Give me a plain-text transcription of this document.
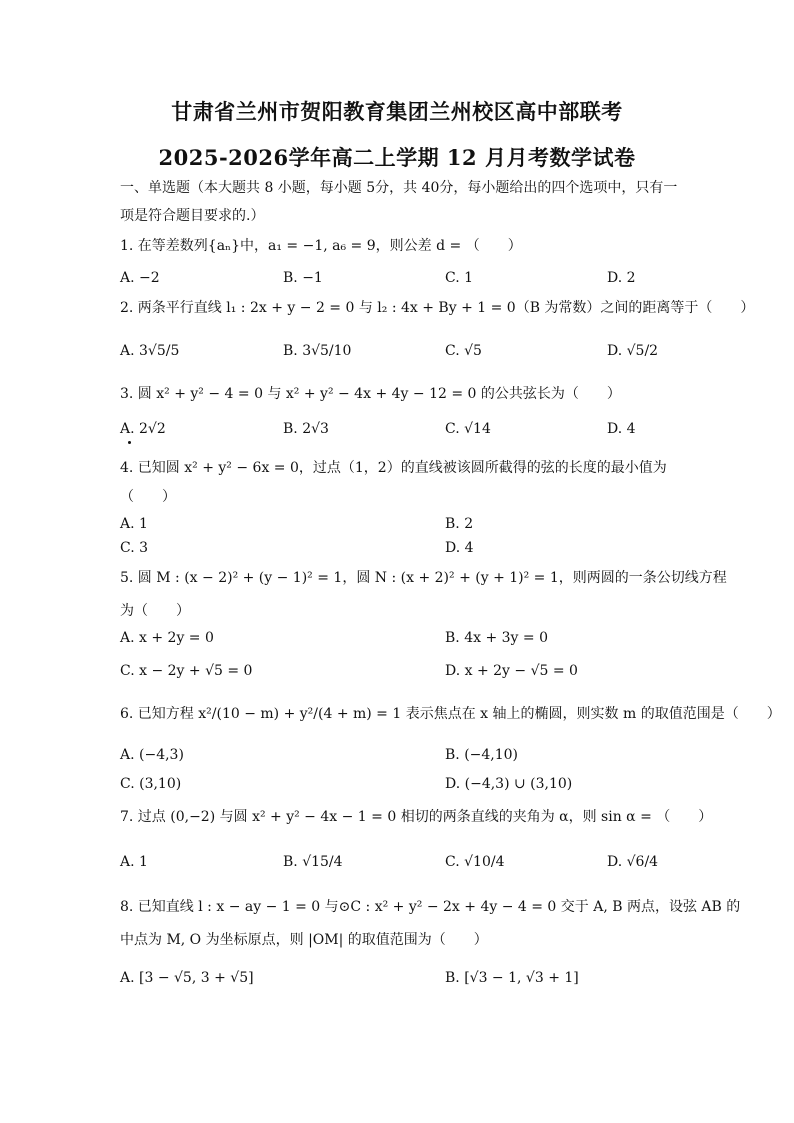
甘肃省兰州市贺阳教育集团兰州校区高中部联考
2025-2026学年高二上学期 12 月月考数学试卷
一、单选题（本大题共 8 小题，每小题 5分，共 40分，每小题给出的四个选项中，只有一
项是符合题目要求的.）
1. 在等差数列{aₙ}中，a₁ = −1, a₆ = 9，则公差 d = （　　）
A. −2	B. −1	C. 1	D. 2
2. 两条平行直线 l₁ : 2x + y − 2 = 0 与 l₂ : 4x + By + 1 = 0（B 为常数）之间的距离等于（　　）
A. 3√5/5	B. 3√5/10	C. √5	D. √5/2
3. 圆 x² + y² − 4 = 0 与 x² + y² − 4x + 4y − 12 = 0 的公共弦长为（　　）
A. 2√2	B. 2√3	C. √14	D. 4
4. 已知圆 x² + y² − 6x = 0，过点（1，2）的直线被该圆所截得的弦的长度的最小值为
（　　）
A. 1	B. 2
C. 3	D. 4
5. 圆 M : (x − 2)² + (y − 1)² = 1，圆 N : (x + 2)² + (y + 1)² = 1，则两圆的一条公切线方程
为（　　）
A. x + 2y = 0	B. 4x + 3y = 0
C. x − 2y + √5 = 0	D. x + 2y − √5 = 0
6. 已知方程 x²/(10 − m) + y²/(4 + m) = 1 表示焦点在 x 轴上的椭圆，则实数 m 的取值范围是（　　）
A. (−4,3)	B. (−4,10)
C. (3,10)	D. (−4,3) ∪ (3,10)
7. 过点 (0,−2) 与圆 x² + y² − 4x − 1 = 0 相切的两条直线的夹角为 α，则 sin α = （　　）
A. 1	B. √15/4	C. √10/4	D. √6/4
8. 已知直线 l : x − ay − 1 = 0 与⊙C : x² + y² − 2x + 4y − 4 = 0 交于 A, B 两点，设弦 AB 的
中点为 M, O 为坐标原点，则 |OM| 的取值范围为（　　）
A. [3 − √5, 3 + √5]	B. [√3 − 1, √3 + 1]
